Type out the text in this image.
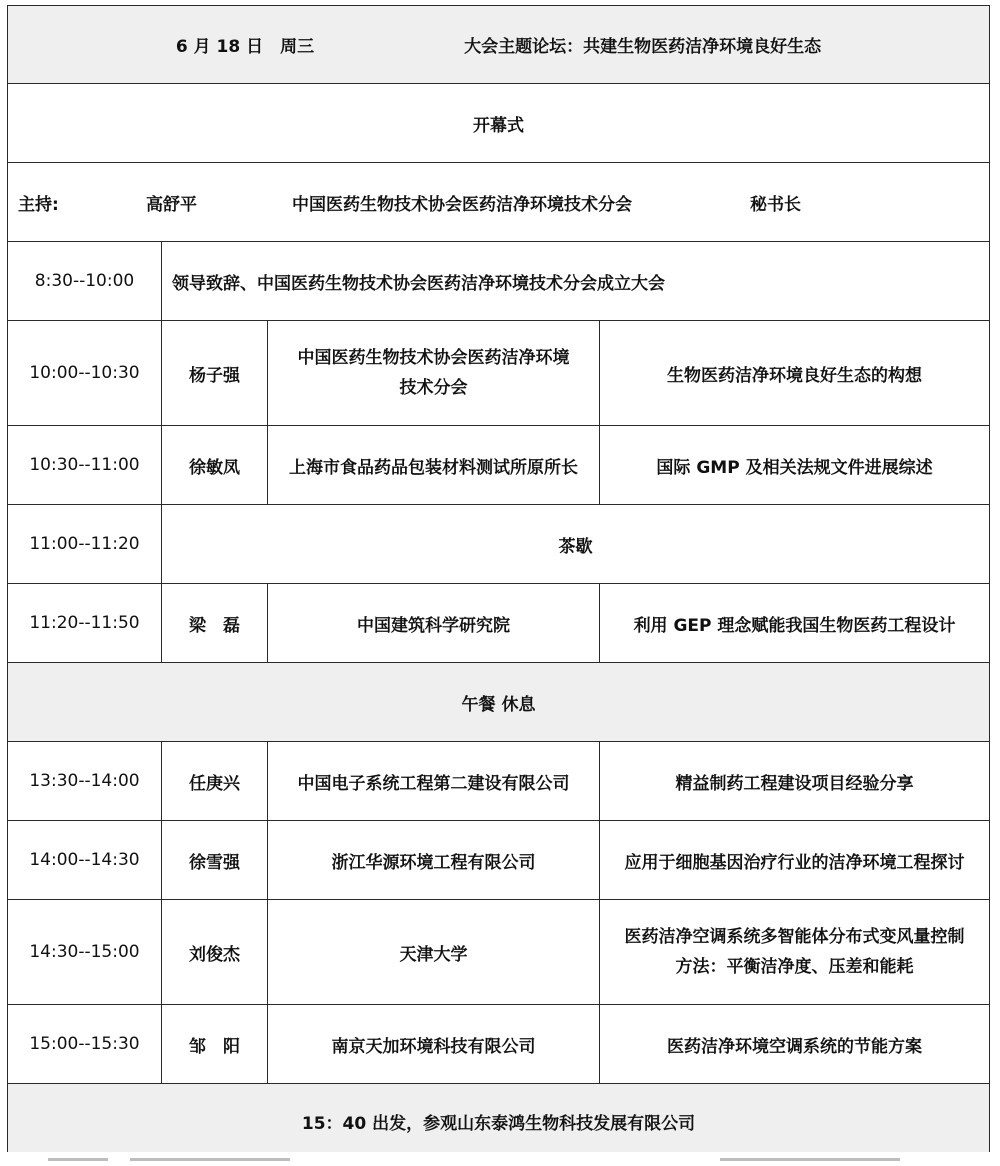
6 月 18 日　周三 大会主题论坛：共建生物医药洁净环境良好生态			
开幕式			
主持: 高舒平 中国医药生物技术协会医药洁净环境技术分会 秘书长			
8:30--10:00	领导致辞、中国医药生物技术协会医药洁净环境技术分会成立大会		
10:00--10:30	杨子强	中国医药生物技术协会医药洁净环境
技术分会	生物医药洁净环境良好生态的构想
10:30--11:00	徐敏凤	上海市食品药品包装材料测试所原所长	国际 GMP 及相关法规文件进展综述
11:00--11:20	茶歇		
11:20--11:50	梁　磊	中国建筑科学研究院	利用 GEP 理念赋能我国生物医药工程设计
午餐 休息			
13:30--14:00	任庚兴	中国电子系统工程第二建设有限公司	精益制药工程建设项目经验分享
14:00--14:30	徐雪强	浙江华源环境工程有限公司	应用于细胞基因治疗行业的洁净环境工程探讨
14:30--15:00	刘俊杰	天津大学	医药洁净空调系统多智能体分布式变风量控制
方法：平衡洁净度、压差和能耗
15:00--15:30	邹　阳	南京天加环境科技有限公司	医药洁净环境空调系统的节能方案
15：40 出发，参观山东泰鸿生物科技发展有限公司			
